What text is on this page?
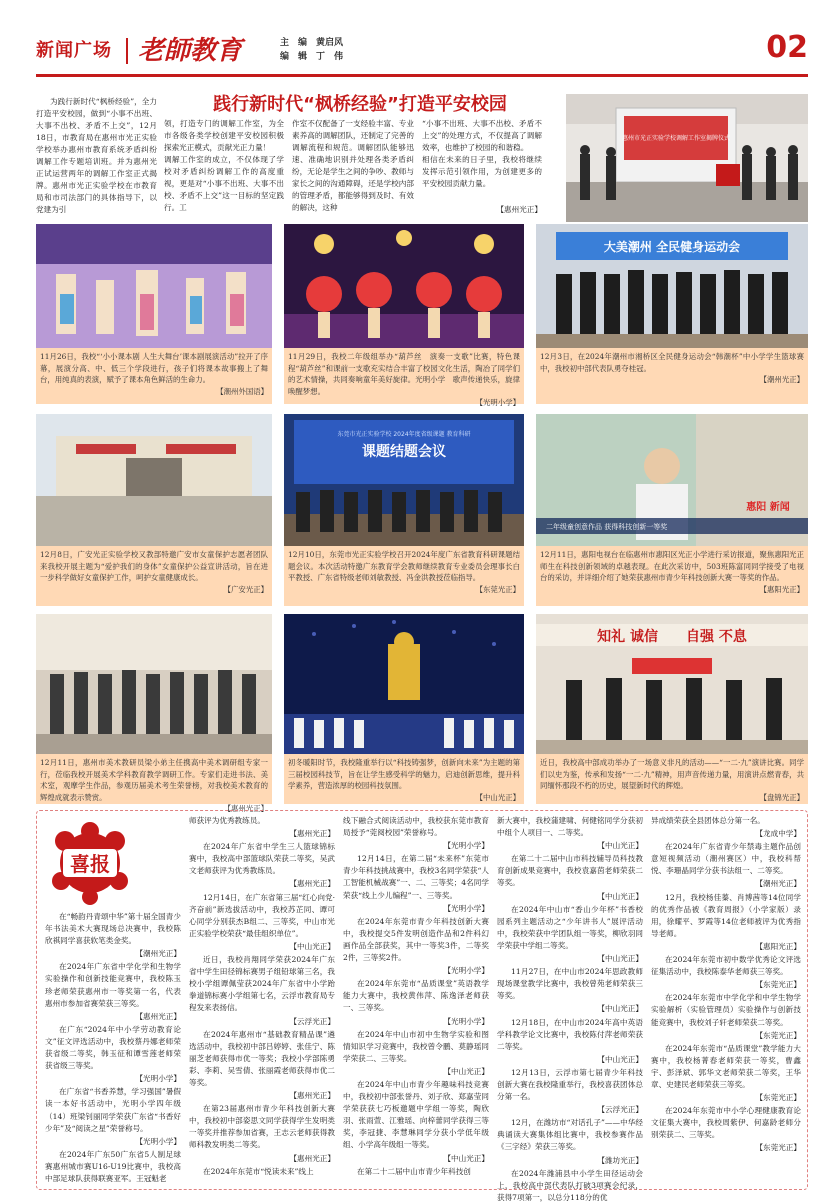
新闻广场 老師教育	主　编　黄启风
编　辑　丁　伟	02
为践行新时代“枫桥经验”，全力打造平安校园，做到“小事不出班、大事不出校、矛盾不上交”，12月18日，市教育局在惠州市光正实验学校举办惠州市教育系统矛盾纠纷调解工作专题培训班。并为惠州光正试运营两年的调解工作室正式揭牌。惠州市光正实验学校在市教育局和市司法部门的具体指导下，以党建为引
践行新时代“枫桥经验”打造平安校园
领，打造专门的调解工作室，为全市各级各类学校创建平安校园积极探索光正模式，贡献光正力量！
调解工作室的成立，不仅体现了学校对矛盾纠纷调解工作的高度重视，更是对“小事不出班、大事不出校、矛盾不上交”这一目标的坚定践行。工
作室不仅配备了一支经验丰富、专业素养高的调解团队，还制定了完善的调解流程和规范。调解团队能够迅速、准确地识别并处理各类矛盾纠纷，无论是学生之间的争吵、教师与家长之间的沟通障碍，还是学校内部的管理矛盾，都能够得到及时、有效的解决，这种
“小事不出班、大事不出校、矛盾不上交”的处理方式，不仅提高了调解效率，也维护了校园的和谐稳。
相信在未来的日子里，我校将继续发挥示范引领作用，为创建更多的平安校园贡献力量。
【惠州光正】
惠州市光正实验学校调解工作室揭牌仪式
11月26日，我校“‘小小课本剧 人生大舞台’课本剧展演活动”拉开了序幕，展演分高、中、低三个学段进行，孩子们将课本故事搬上了舞台，用纯真的表演，赋予了课本角色鲜活的生命力。
【潮州外国语】
11月29日，我校二年级组举办“葫芦丝　演奏一支歌”比赛，特色课程“葫芦丝”和课前一支歌充实结合丰富了校园文化生活，陶冶了同学们的艺术情操，共同奏响童年美好旋律。光明小学　歌声传递快乐，旋律唤醒梦想。
【光明小学】
大美潮州 全民健身运动会
12月3日，在2024年潮州市湘桥区全民健身运动会“韩潮杯”中小学学生篮球赛中，我校初中部代表队勇夺桂冠。
【潮州光正】
12月8日，广安光正实验学校又教部特邀广安市女童保护志愿者团队来我校开展主题为“爱护我们的身体”女童保护公益宣讲活动，旨在进一步科学做好女童保护工作，呵护女童健康成长。
【广安光正】
东莞市光正实验学校 2024年度省级课题 教育科研
课题结题会议
12月10日，东莞市光正实验学校召开2024年度广东省教育科研课题结题会议。本次活动特邀广东教育学会教师继续教育专业委员会理事长白平教授、广东省特级老师刘敏教授、冯金洪教授莅临指导。
【东莞光正】
二年级童创意作品 获得科技创新一等奖
惠阳 新闻
12月11日，惠阳电视台在临惠州市惠阳区光正小学进行采访报道，聚焦惠阳光正师生在科技创新领域的卓越表现。在此次采访中，503班陈富同同学接受了电视台的采访，并详细介绍了她荣获惠州市青少年科技创新大赛一等奖的作品。
【惠阳光正】
12月11日，惠州市美术教研员梁小弟主任携高中美术调研组专家一行，莅临我校开展美术学科教育教学调研工作。专家们走进书法、美术室，观摩学生作品，参观历届美术考生荣誉榜，对我校美术教育的辉煌成就表示赞赏。
【惠州光正】
初冬暖阳时节，我校隆重举行以“科技铸强梦，创新向未来”为主题的第三届校园科技节，旨在让学生感受科学的魅力，启迪创新思维，提升科学素养，营造浓厚的校园科技氛围。
【中山光正】
知礼 诚信　　自强 不息
近日，我校高中部成功举办了一场意义非凡的活动——“一二·九”演讲比赛。同学们以史为鉴，传承和发扬“一二·九”精神，用声音传递力量，用演讲点燃青春，共同缅怀那段不朽的历史，展望新时代的辉煌。
【盘锦光正】
喜报

在“畅韵丹青颂中华”第十届全国青少年书法美术大赛现场总决赛中，我校陈欣祺同学喜获软笔类金奖。

【潮州光正】

在2024年广东省中学化学和生物学实验操作和创新技能竞赛中，我校陈玉珍老师荣获惠州市一等奖第一名，代表惠州市参加省赛荣获三等奖。

【惠州光正】

在广东“2024年中小学劳动教育论文”征文评选活动中，我校蔡丹娜老师荣获省级二等奖，韩玉征和谭雪莲老师荣获省级三等奖。

【光明小学】

在广东省“书香养慧，学习强国”暑假读一本好书活动中，光明小学四年级（14）班梁钊丽同学荣获广东省“书香好少年”及“阅读之星”荣誉称号。

【光明小学】

在2024年广东50广东省5人制足球赛惠州城市赛U16-U19比赛中，我校高中部足球队获得联赛亚军。王冠魁老

师获评为优秀教练员。

【惠州光正】

在2024年广东省中学生三人篮球锦标赛中，我校高中部篮球队荣获二等奖，吴武文老师获评为优秀教练员。

【惠州光正】

12月14日，在广东省第三届“红心向党·齐奋前”新选拔活动中，我校苏芷同、谭可心同学分别获杰B组二、三等奖，中山市光正实验学校荣获“最佳组织单位”。

【中山光正】

近日，我校肖翔同学荣获2024年广东省中学生田径锦标赛男子组铅球第三名，我校小学组谭佩莹获2024年广东省中小学跆拳道锦标赛小学组第七名，云浮市教育局专程发来表扬信。

【云浮光正】

在2024年惠州市“基础教育精品课”遴选活动中，我校初中部吕婷婷、张佳宁、陈丽芝老师获得市优一等奖；我校小学部陈勇彩、李莉、吴雪倩、张丽霞老师获得市优二等奖。

【惠州光正】

在第23届惠州市青少年科技创新大赛中，我校初中部姿思文同学获得学生发明类一等奖并推荐参加省赛，王志云老师获得教师科教发明类二等奖。

【惠州光正】

在2024年东莞市“悦读未来”线上

线下融合式阅读活动中，我校获东莞市教育局授予“莞阅校园”荣誉称号。

【光明小学】

12月14日，在第二届“未来杯”东莞市青少年科技挑战赛中，我校3名同学荣获“人工智能机械战赛”一、二、三等奖；4名同学荣获“线上少儿编程”一、三等奖。

【光明小学】

在2024年东莞市青少年科技创新大赛中，我校提交5件发明创造作品和2件科幻画作品全部获奖，其中一等奖3件，二等奖2件，三等奖2件。

【光明小学】

在2024年东莞市“品质课堂”英语教学能力大赛中，我校黄伟萍、陈逸泽老师获一、三等奖。

【光明小学】

在2024年中山市初中生物学实验和图情知识学习竞赛中，我校曾令鹏、莫静瑶同学荣获二、三等奖。

【中山光正】

在2024年中山市青少年趣味科技竞赛中，我校初中部张誉丹、刘子欣、郑嘉莹同学荣获获七巧板邀题中学组一等奖，陶欣羽、张雨萱、江雅瑶、向梓蕾同学获得三等奖，李冠捷、李慧琳同学分获小学低年级组、小学高年级组一等奖。

【中山光正】

在第二十二届中山市青少年科技创

新大赛中，我校蒲建啸、何健铭同学分获初中组个人项目一、二等奖。

【中山光正】

在第二十二届中山市科技辅导员科技教育创新成果竞赛中，我校袁嘉茵老师荣获二等奖。

【中山光正】

在2024年中山市“香山少年杯”书香校园系列主题活动之“少年讲书人”展评活动中，我校荣获中学团队组一等奖，柳欣羽同学荣获中学组二等奖。

【中山光正】

11月27日，在中山市2024年思政教师现场课堂教学比赛中，我校曾苑老师荣获三等奖。

【中山光正】

12月18日，在中山市2024年高中英语学科教学论文比赛中，我校陈付萍老师荣获二等奖。

【中山光正】

12月13日，云浮市第七届青少年科技创新大赛在我校隆重举行，我校喜获团体总分第一名。

【云浮光正】

12月，在潍坊市“对话孔子”——中华经典诵读大赛集体组比赛中，我校参赛作品《三字经》荣获三等奖。

【潍坊光正】

在2024年潍浦县中小学生田径运动会上，我校高中部代表队打破3项赛会纪录，获得7项第一，以总分118分的优

异成绩荣获全县团体总分第一名。

【龙成中学】

在2024年广东省青少年禁毒主题作品创意短视频活动（潮州赛区）中，我校科帮悦、李珊晶同学分获书法组一、二等奖。

【潮州光正】

12月，我校杨佳蓁、肖博茜等14位同学的优秀作品被《教育周报》（小学家版）录用，徐耀平、罗霞等14位老师被评为优秀指导老师。

【惠阳光正】

在2024年东莞市初中数学优秀论文评选征集活动中，我校陈泰华老师获三等奖。

【东莞光正】

在2024年东莞市中学化学和中学生物学实验解析（实验管理员）实验操作与创新技能竞赛中，我校刘子轩老师荣获二等奖。

【东莞光正】

在2024年东莞市“品质课堂”教学能力大赛中，我校杨菁春老师荣获一等奖，曹鑫宇、彭泽斌、郭华文老师荣获二等奖，王华章、史建民老师荣获三等奖。

【东莞光正】

在2024年东莞市中小学心理健康教育论文征集大赛中，我校周紫伊、何嘉龄老师分别荣获二、三等奖。

【东莞光正】
